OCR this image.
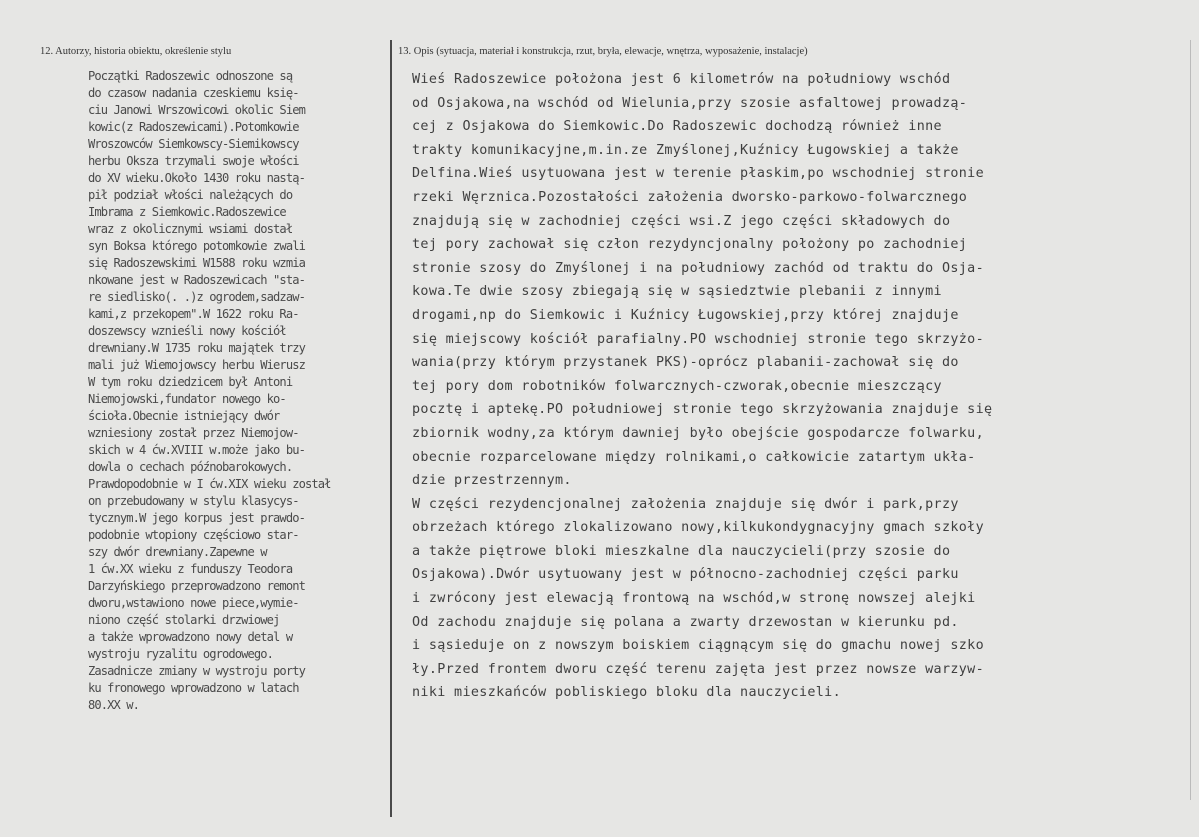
12. Autorzy, historia obiektu, określenie stylu	13. Opis (sytuacja, materiał i konstrukcja, rzut, bryła, elewacje, wnętrza, wyposażenie, instalacje)
Początki Radoszewic odnoszone są
do czasow nadania czeskiemu księ-
ciu Janowi Wrszowicowi okolic Siem
kowic(z Radoszewicami).Potomkowie
Wroszowców Siemkowscy-Siemikowscy
herbu Oksza trzymali swoje włości
do XV wieku.Około 1430 roku nastą-
pił podział włości należących do
Imbrama z Siemkowic.Radoszewice
wraz z okolicznymi wsiami dostał
syn Boksa którego potomkowie zwali
się Radoszewskimi W1588 roku wzmia
nkowane jest w Radoszewicach "sta-
re siedlisko(. .)z ogrodem,sadzaw-
kami,z przekopem".W 1622 roku Ra-
doszewscy wznieśli nowy kościół
drewniany.W 1735 roku majątek trzy
mali już Wiemojowscy herbu Wierusz
W tym roku dziedzicem był Antoni
Niemojowski,fundator nowego ko-
ścioła.Obecnie istniejący dwór
wzniesiony został przez Niemojow-
skich w 4 ćw.XVIII w.może jako bu-
dowla o cechach późnobarokowych.
Prawdopodobnie w I ćw.XIX wieku został
on przebudowany w stylu klasycys-
tycznym.W jego korpus jest prawdo-
podobnie wtopiony częściowo star-
szy dwór drewniany.Zapewne w
1 ćw.XX wieku z funduszy Teodora
Darzyńskiego przeprowadzono remont
dworu,wstawiono nowe piece,wymie-
niono część stolarki drzwiowej
a także wprowadzono nowy detal w
wystroju ryzalitu ogrodowego.
Zasadnicze zmiany w wystroju porty
ku fronowego wprowadzono w latach
80.XX w.
Wieś Radoszewice położona jest 6 kilometrów na południowy wschód
od Osjakowa,na wschód od Wielunia,przy szosie asfaltowej prowadzą-
cej z Osjakowa do Siemkowic.Do Radoszewic dochodzą również inne
trakty komunikacyjne,m.in.ze Zmyślonej,Kuźnicy Ługowskiej a także
Delfina.Wieś usytuowana jest w terenie płaskim,po wschodniej stronie
rzeki Węrznica.Pozostałości założenia dworsko-parkowo-folwarcznego
znajdują się w zachodniej części wsi.Z jego części składowych do
tej pory zachował się człon rezydyncjonalny położony po zachodniej
stronie szosy do Zmyślonej i na południowy zachód od traktu do Osja-
kowa.Te dwie szosy zbiegają się w sąsiedztwie plebanii z innymi
drogami,np do Siemkowic i Kuźnicy Ługowskiej,przy której znajduje
się miejscowy kościół parafialny.PO wschodniej stronie tego skrzyżo-
wania(przy którym przystanek PKS)-oprócz plabanii-zachował się do
tej pory dom robotników folwarcznych-czworak,obecnie mieszczący
pocztę i aptekę.PO południowej stronie tego skrzyżowania znajduje się
zbiornik wodny,za którym dawniej było obejście gospodarcze folwarku,
obecnie rozparcelowane między rolnikami,o całkowicie zatartym ukła-
dzie przestrzennym.
W części rezydencjonalnej założenia znajduje się dwór i park,przy
obrzeżach którego zlokalizowano nowy,kilkukondygnacyjny gmach szkoły
a także piętrowe bloki mieszkalne dla nauczycieli(przy szosie do
Osjakowa).Dwór usytuowany jest w północno-zachodniej części parku
i zwrócony jest elewacją frontową na wschód,w stronę nowszej alejki
Od zachodu znajduje się polana a zwarty drzewostan w kierunku pd.
i sąsieduje on z nowszym boiskiem ciągnącym się do gmachu nowej szko
ły.Przed frontem dworu część terenu zajęta jest przez nowsze warzyw-
niki mieszkańców pobliskiego bloku dla nauczycieli.
